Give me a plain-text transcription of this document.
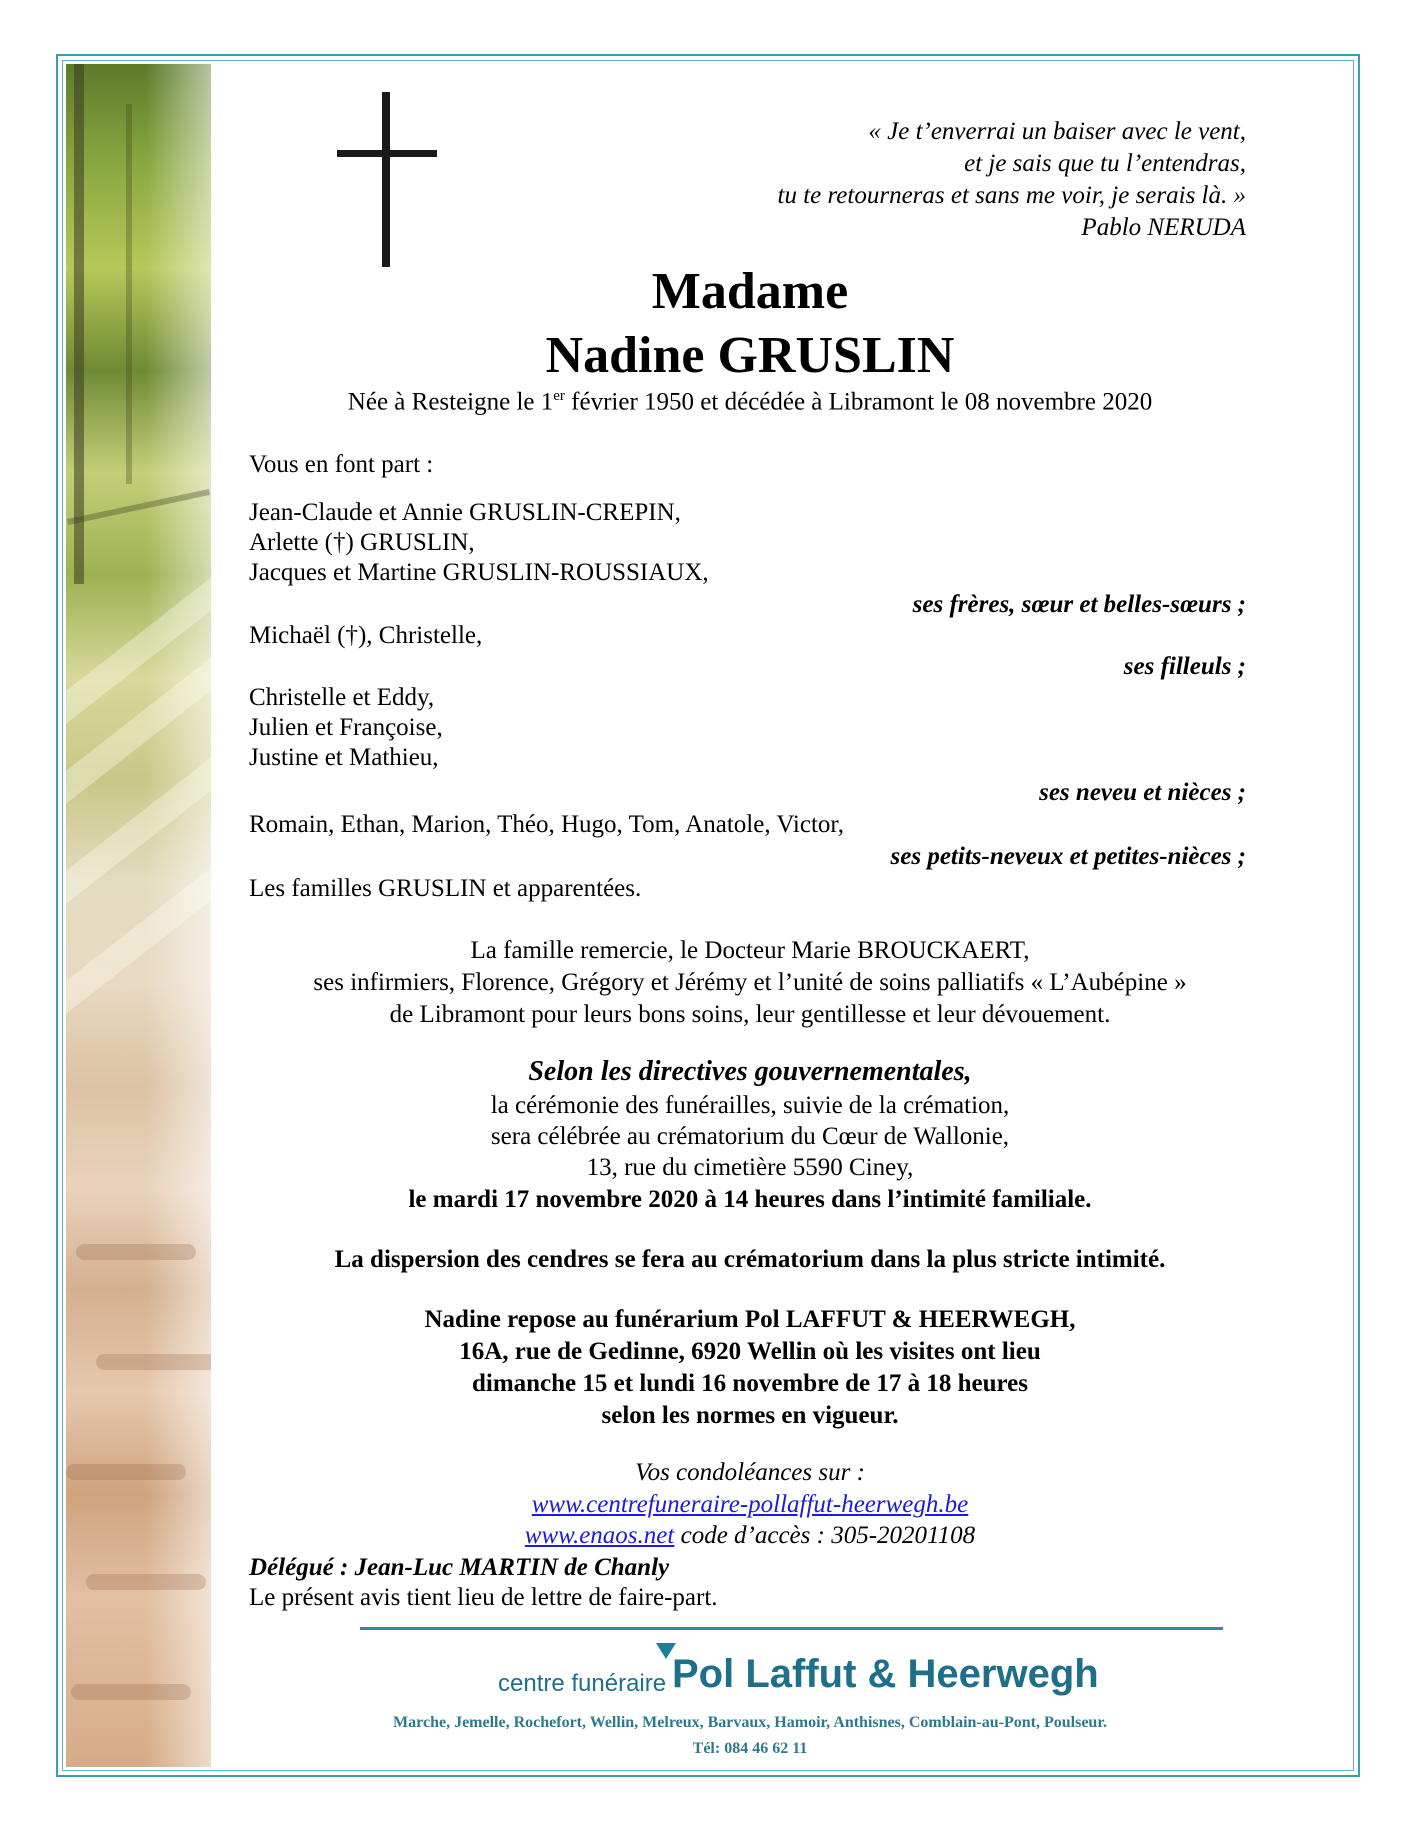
« Je t’enverrai un baiser avec le vent,
et je sais que tu l’entendras,
tu te retourneras et sans me voir, je serais là. »
Pablo NERUDA
Madame
Nadine GRUSLIN
Née à Resteigne le 1er février 1950 et décédée à Libramont le 08 novembre 2020
Vous en font part :
Jean-Claude et Annie GRUSLIN-CREPIN,
Arlette (†) GRUSLIN,
Jacques et Martine GRUSLIN-ROUSSIAUX,
ses frères, sœur et belles-sœurs ;
Michaël (†), Christelle,
ses filleuls ;
Christelle et Eddy,
Julien et Françoise,
Justine et Mathieu,
ses neveu et nièces ;
Romain, Ethan, Marion, Théo, Hugo, Tom, Anatole, Victor,
ses petits-neveux et petites-nièces ;
Les familles GRUSLIN et apparentées.
La famille remercie, le Docteur Marie BROUCKAERT,
ses infirmiers, Florence, Grégory et Jérémy et l’unité de soins palliatifs « L’Aubépine »
de Libramont pour leurs bons soins, leur gentillesse et leur dévouement.
Selon les directives gouvernementales,
la cérémonie des funérailles, suivie de la crémation,
sera célébrée au crématorium du Cœur de Wallonie,
13, rue du cimetière 5590 Ciney,
le mardi 17 novembre 2020 à 14 heures dans l’intimité familiale.
La dispersion des cendres se fera au crématorium dans la plus stricte intimité.
Nadine repose au funérarium Pol LAFFUT & HEERWEGH,
16A, rue de Gedinne, 6920 Wellin où les visites ont lieu
dimanche 15 et lundi 16 novembre de 17 à 18 heures
selon les normes en vigueur.
Vos condoléances sur :
www.centrefuneraire-pollaffut-heerwegh.be
www.enaos.net code d’accès : 305-20201108
Délégué : Jean-Luc MARTIN de Chanly
Le présent avis tient lieu de lettre de faire-part.
centre funéraire Pol Laffut & Heerwegh
Marche, Jemelle, Rochefort, Wellin, Melreux, Barvaux, Hamoir, Anthisnes, Comblain-au-Pont, Poulseur.
Tél: 084 46 62 11
